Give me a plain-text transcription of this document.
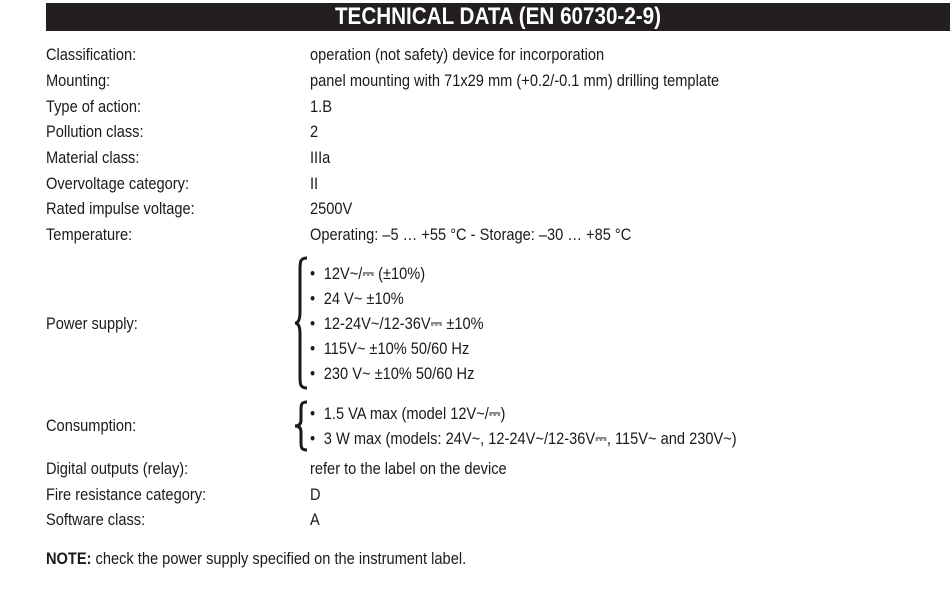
TECHNICAL DATA (EN 60730-2-9)
Classification:	operation (not safety) device for incorporation
Mounting:	panel mounting with 71x29 mm (+0.2/-0.1 mm) drilling template
Type of action:	1.B
Pollution class:	2
Material class:	IIIa
Overvoltage category:	II
Rated impulse voltage:	2500V
Temperature:	Operating: –5 … +55 °C - Storage: –30 … +85 °C
Power supply:
• 12V~/⎓ (±10%)
• 24 V~ ±10%
• 12-24V~/12-36V⎓ ±10%
• 115V~ ±10% 50/60 Hz
• 230 V~ ±10% 50/60 Hz
Consumption:
• 1.5 VA max (model 12V~/⎓)
• 3 W max (models: 24V~, 12-24V~/12-36V⎓, 115V~ and 230V~)
Digital outputs (relay):	refer to the label on the device
Fire resistance category:	D
Software class:	A
NOTE: check the power supply specified on the instrument label.
